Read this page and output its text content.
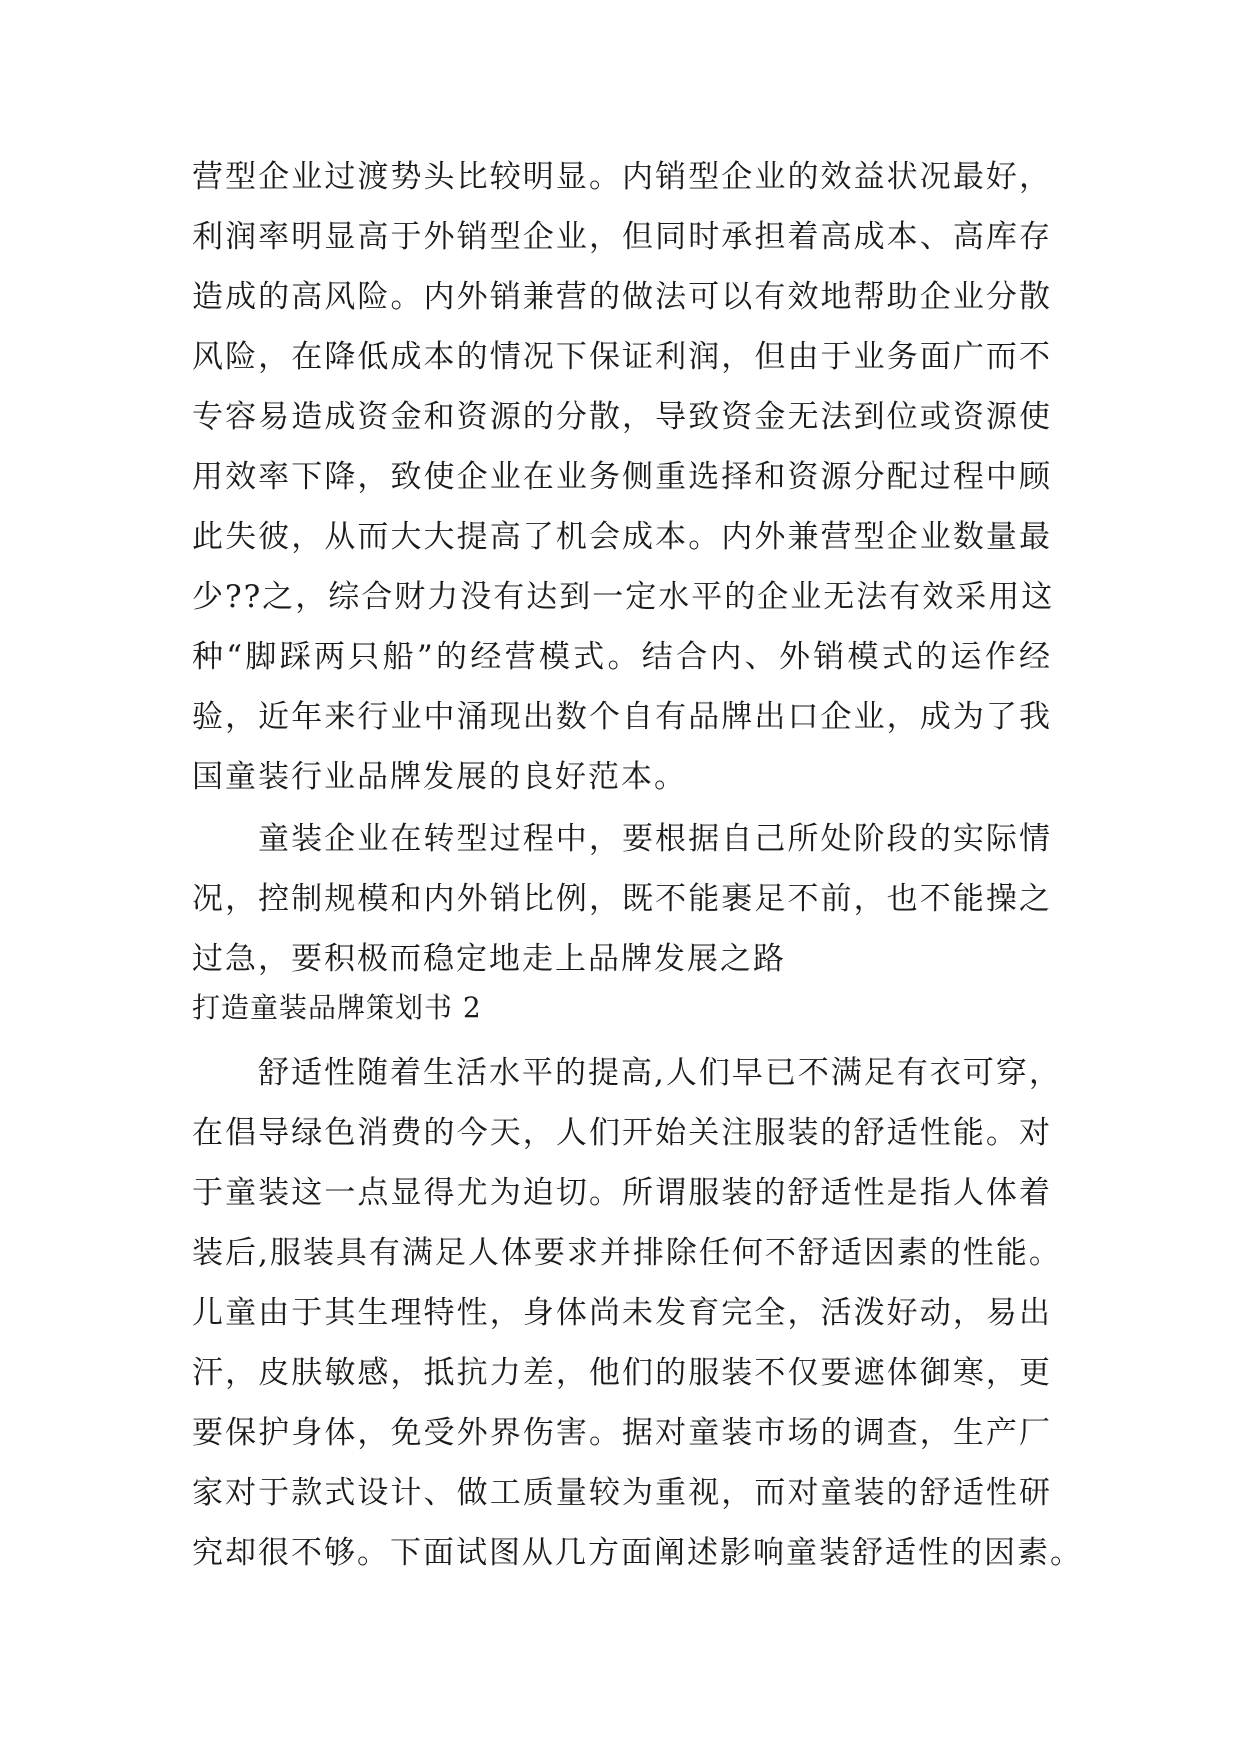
营型企业过渡势头比较明显。内销型企业的效益状况最好，
利润率明显高于外销型企业，但同时承担着高成本、高库存
造成的高风险。内外销兼营的做法可以有效地帮助企业分散
风险，在降低成本的情况下保证利润，但由于业务面广而不
专容易造成资金和资源的分散，导致资金无法到位或资源使
用效率下降，致使企业在业务侧重选择和资源分配过程中顾
此失彼，从而大大提高了机会成本。内外兼营型企业数量最
少??之，综合财力没有达到一定水平的企业无法有效采用这
种“脚踩两只船”的经营模式。结合内、外销模式的运作经
验，近年来行业中涌现出数个自有品牌出口企业，成为了我
国童装行业品牌发展的良好范本。
童装企业在转型过程中，要根据自己所处阶段的实际情
况，控制规模和内外销比例，既不能裹足不前，也不能操之
过急，要积极而稳定地走上品牌发展之路
打造童装品牌策划书 2
舒适性随着生活水平的提高,人们早已不满足有衣可穿，
在倡导绿色消费的今天，人们开始关注服装的舒适性能。对
于童装这一点显得尤为迫切。所谓服装的舒适性是指人体着
装后,服装具有满足人体要求并排除任何不舒适因素的性能。
儿童由于其生理特性，身体尚未发育完全，活泼好动，易出
汗，皮肤敏感，抵抗力差，他们的服装不仅要遮体御寒，更
要保护身体，免受外界伤害。据对童装市场的调查，生产厂
家对于款式设计、做工质量较为重视，而对童装的舒适性研
究却很不够。下面试图从几方面阐述影响童装舒适性的因素。
